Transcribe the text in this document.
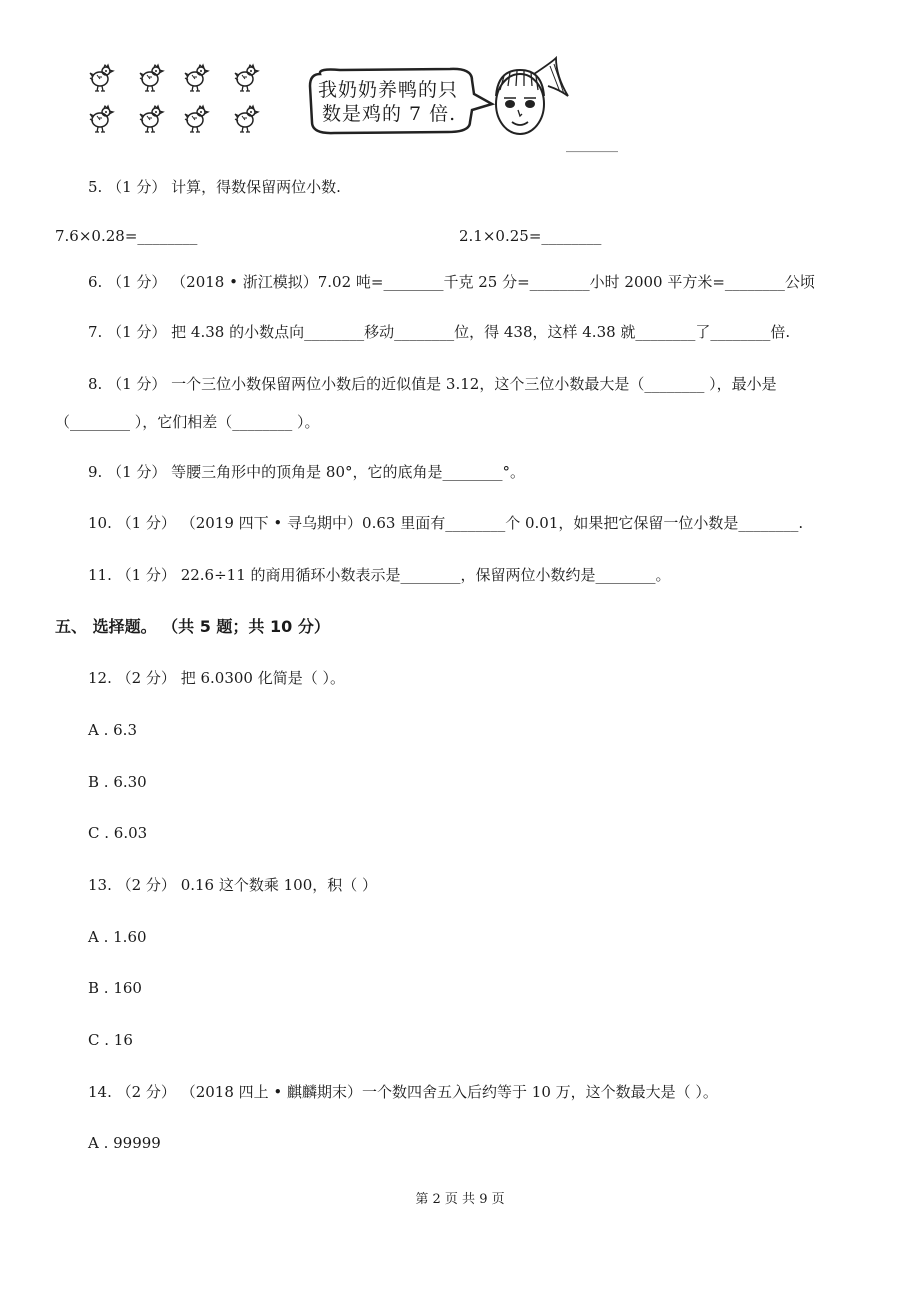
我奶奶养鸭的只
数是鸡的 7 倍.
________
5. （1 分） 计算，得数保留两位小数.
7.6×0.28=________	2.1×0.25=________
6. （1 分） （2018 • 浙江模拟）7.02 吨=________千克 25 分=________小时 2000 平方米=________公顷
7. （1 分） 把 4.38 的小数点向________移动________位，得 438，这样 4.38 就________了________倍.
8. （1 分） 一个三位小数保留两位小数后的近似值是 3.12，这个三位小数最大是（________ ），最小是
（________ ），它们相差（________ ）。
9. （1 分） 等腰三角形中的顶角是 80°，它的底角是________°。
10. （1 分） （2019 四下 • 寻乌期中）0.63 里面有________个 0.01，如果把它保留一位小数是________.
11. （1 分） 22.6÷11 的商用循环小数表示是________，保留两位小数约是________。
五、 选择题。 （共 5 题；共 10 分）
12. （2 分） 把 6.0300 化简是（ ）。
A . 6.3
B . 6.30
C . 6.03
13. （2 分） 0.16 这个数乘 100，积（ ）
A . 1.60
B . 160
C . 16
14. （2 分） （2018 四上 • 麒麟期末）一个数四舍五入后约等于 10 万，这个数最大是（ ）。
A . 99999
第 2 页 共 9 页
